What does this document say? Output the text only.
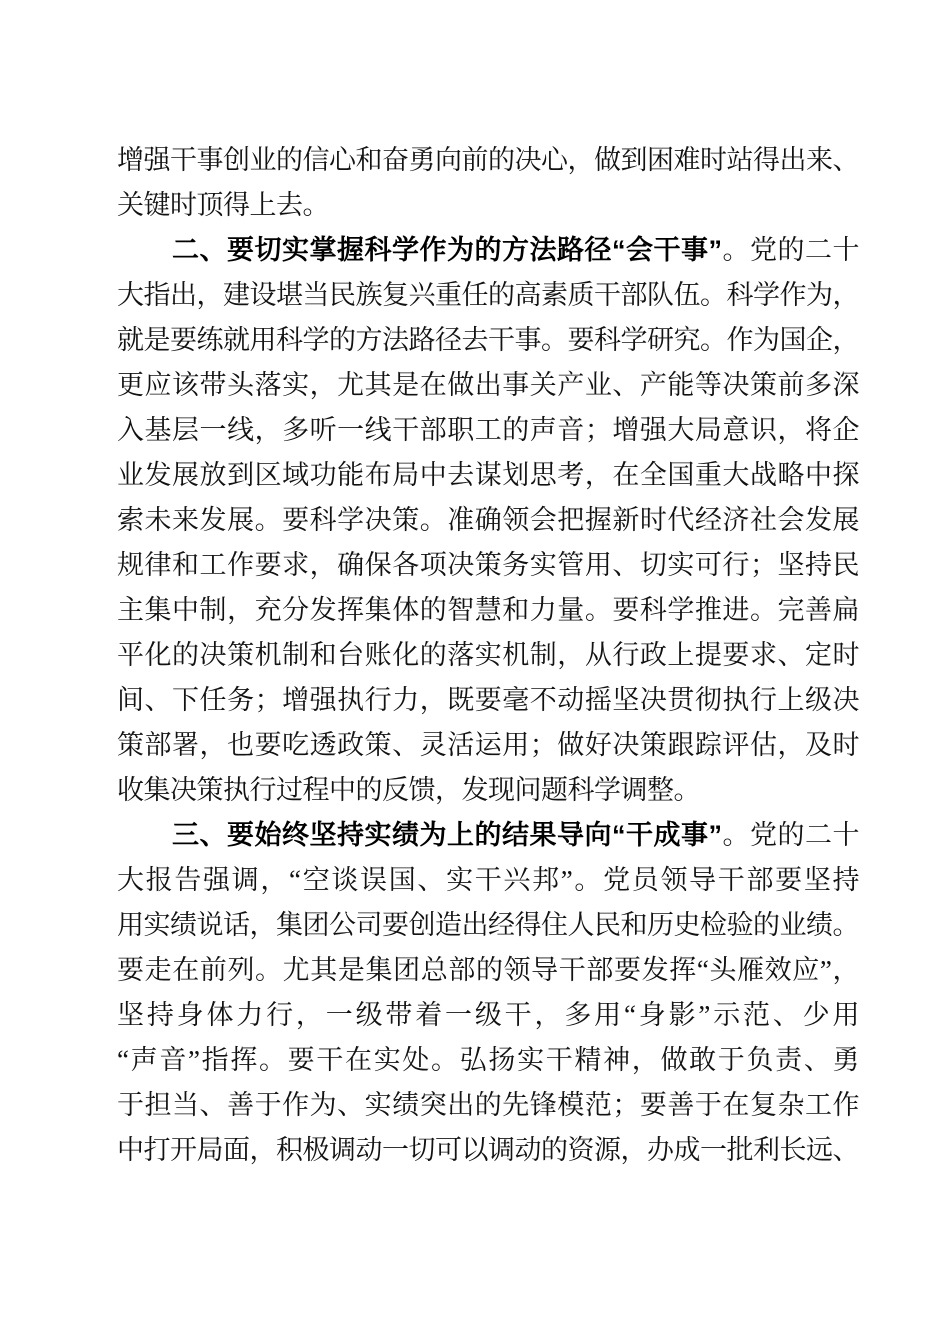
增强干事创业的信心和奋勇向前的决心，做到困难时站得出来、
关键时顶得上去。
　　二、要切实掌握科学作为的方法路径“会干事”。党的二十
大指出，建设堪当民族复兴重任的高素质干部队伍。科学作为，
就是要练就用科学的方法路径去干事。要科学研究。作为国企，
更应该带头落实，尤其是在做出事关产业、产能等决策前多深
入基层一线，多听一线干部职工的声音；增强大局意识，将企
业发展放到区域功能布局中去谋划思考，在全国重大战略中探
索未来发展。要科学决策。准确领会把握新时代经济社会发展
规律和工作要求，确保各项决策务实管用、切实可行；坚持民
主集中制，充分发挥集体的智慧和力量。要科学推进。完善扁
平化的决策机制和台账化的落实机制，从行政上提要求、定时
间、下任务；增强执行力，既要毫不动摇坚决贯彻执行上级决
策部署，也要吃透政策、灵活运用；做好决策跟踪评估，及时
收集决策执行过程中的反馈，发现问题科学调整。
　　三、要始终坚持实绩为上的结果导向“干成事”。党的二十
大报告强调，“空谈误国、实干兴邦”。党员领导干部要坚持
用实绩说话，集团公司要创造出经得住人民和历史检验的业绩。
要走在前列。尤其是集团总部的领导干部要发挥“头雁效应”，
坚持身体力行，一级带着一级干，多用“身影”示范、少用
“声音”指挥。要干在实处。弘扬实干精神，做敢于负责、勇
于担当、善于作为、实绩突出的先锋模范；要善于在复杂工作
中打开局面，积极调动一切可以调动的资源，办成一批利长远、
